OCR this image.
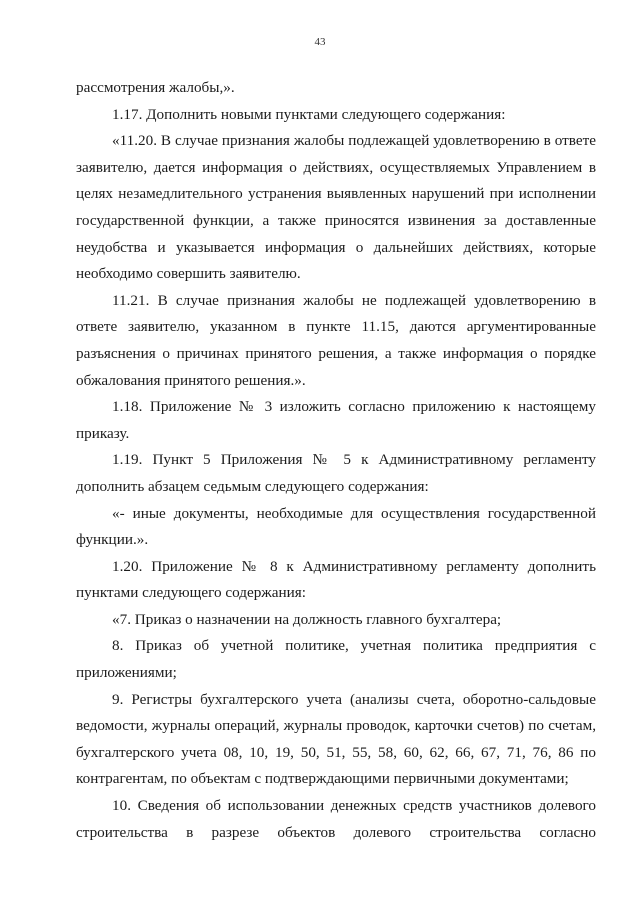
43

рассмотрения жалобы,».

1.17. Дополнить новыми пунктами следующего содержания:

«11.20. В случае признания жалобы подлежащей удовлетворению в ответе заявителю, дается информация о действиях, осуществляемых Управлением в целях незамедлительного устранения выявленных нарушений при исполнении государственной функции, а также приносятся извинения за доставленные неудобства и указывается информация о дальнейших действиях, которые необходимо совершить заявителю.

11.21. В случае признания жалобы не подлежащей удовлетворению в ответе заявителю, указанном в пункте 11.15, даются аргументированные разъяснения о причинах принятого решения, а также информация о порядке обжалования принятого решения.».

1.18. Приложение № 3 изложить согласно приложению к настоящему приказу.

1.19. Пункт 5 Приложения № 5 к Административному регламенту дополнить абзацем седьмым следующего содержания:

«- иные документы, необходимые для осуществления государственной функции.».

1.20. Приложение № 8 к Административному регламенту дополнить пунктами следующего содержания:

«7. Приказ о назначении на должность главного бухгалтера;

8. Приказ об учетной политике, учетная политика предприятия с приложениями;

9. Регистры бухгалтерского учета (анализы счета, оборотно-сальдовые ведомости, журналы операций, журналы проводок, карточки счетов) по счетам, бухгалтерского учета 08, 10, 19, 50, 51, 55, 58, 60, 62, 66, 67, 71, 76, 86 по контрагентам, по объектам с подтверждающими первичными документами;

10. Сведения об использовании денежных средств участников долевого строительства в разрезе объектов долевого строительства согласно
